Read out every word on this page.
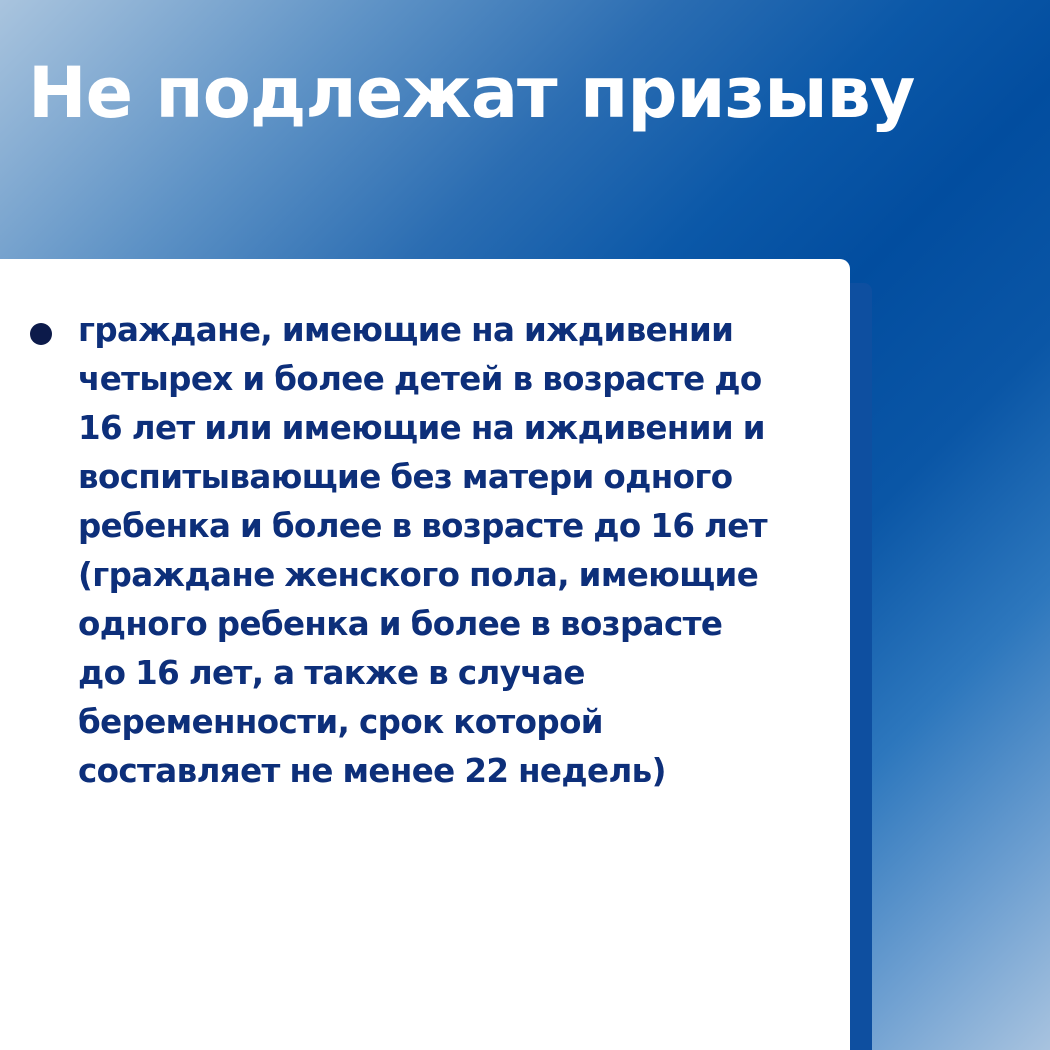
Не подлежат призыву

граждане, имеющие на иждивении
четырех и более детей в возрасте до
16 лет или имеющие на иждивении и
воспитывающие без матери одного
ребенка и более в возрасте до 16 лет
(граждане женского пола, имеющие
одного ребенка и более в возрасте
до 16 лет, а также в случае
беременности, срок которой
составляет не менее 22 недель)
